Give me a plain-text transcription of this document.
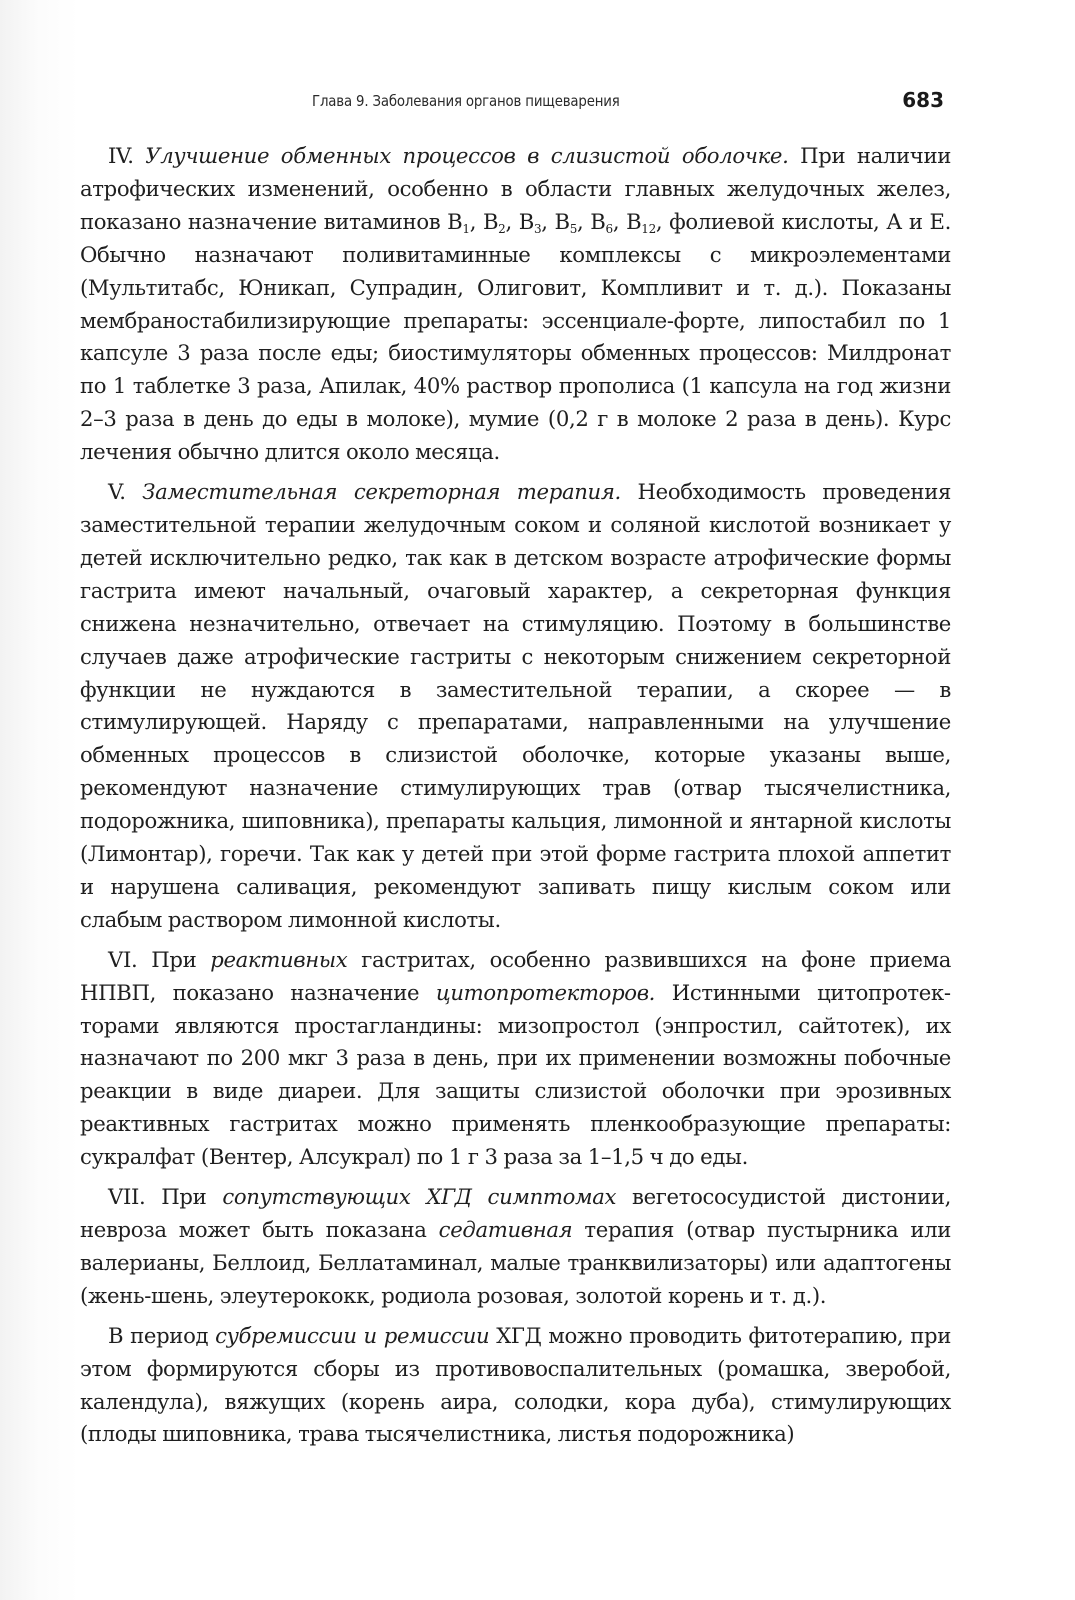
Глава 9. Заболевания органов пищеварения	683

IV. Улучшение обменных процессов в слизистой оболочке. При наличии атрофических изменений, особенно в области главных желудочных желез, показано назначение витаминов $B_1$, $B_2$, $B_3$, $B_5$, $B_6$, $B_{12}$, фолиевой кислоты, А и Е. Обычно назначают поливитаминные комплексы с микроэлементами (Мультитабс, Юникап, Супрадин, Олиговит, Компливит и т. д.). Показаны мембраностабилизирующие препараты: эссенциале-форте, липостабил по 1 капсуле 3 раза после еды; биостимуляторы обменных процессов: Милдронат по 1 таблетке 3 раза, Апилак, 40% раствор прополиса (1 капсула на год жизни 2–3 раза в день до еды в молоке), мумие (0,2 г в молоке 2 раза в день). Курс лечения обычно длится около месяца.

V. Заместительная секреторная терапия. Необходимость проведения заместительной терапии желудочным соком и соляной кислотой возникает у детей исключительно редко, так как в детском возрасте атрофические формы гастрита имеют начальный, очаговый характер, а секреторная функция снижена незначительно, отвечает на стимуляцию. Поэтому в большинстве случаев даже атрофические гастриты с некоторым снижением секреторной функции не нуждаются в заместительной терапии, а скорее — в стимулирующей. Наряду с препаратами, направленными на улучшение обменных процессов в слизистой оболочке, которые указаны выше, рекомендуют назначение стимулирующих трав (отвар тысячелистника, подорожника, шиповника), препараты кальция, лимонной и янтарной кислоты (Лимонтар), горечи. Так как у детей при этой форме гастрита плохой аппетит и нарушена саливация, рекомендуют запивать пищу кислым соком или слабым раствором лимонной кислоты.

VI. При реактивных гастритах, особенно развившихся на фоне приема НПВП, показано назначение цитопротекторов. Истинными цитопротекторами являются простагландины: мизопростол (энпростил, сайтотек), их назначают по 200 мкг 3 раза в день, при их применении возможны побочные реакции в виде диареи. Для защиты слизистой оболочки при эрозивных реактивных гастритах можно применять пленкообразующие препараты: сукралфат (Вентер, Алсукрал) по 1 г 3 раза за 1–1,5 ч до еды.

VII. При сопутствующих ХГД симптомах вегетососудистой дистонии, невроза может быть показана седативная терапия (отвар пустырника или валерианы, Беллоид, Беллатаминал, малые транквилизаторы) или адаптогены (жень-шень, элеутерококк, родиола розовая, золотой корень и т. д.).

В период субремиссии и ремиссии ХГД можно проводить фитотерапию, при этом формируются сборы из противовоспалительных (ромашка, зверобой, календула), вяжущих (корень аира, солодки, кора дуба), стимулирующих (плоды шиповника, трава тысячелистника, листья подорожника)
